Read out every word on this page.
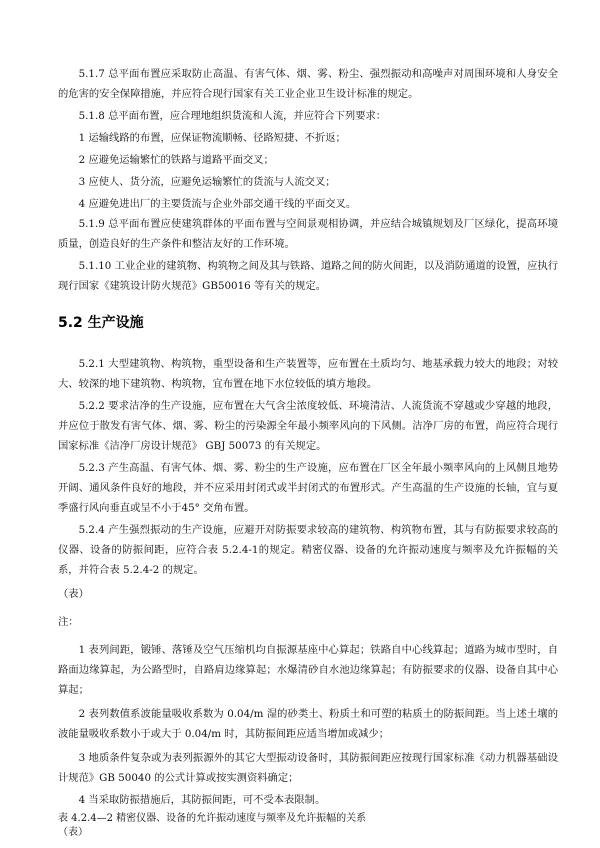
5.1.7 总平面布置应采取防止高温、有害气体、烟、雾、粉尘、强烈振动和高噪声对周围环境和人身安全的危害的安全保障措施，并应符合现行国家有关工业企业卫生设计标准的规定。

5.1.8 总平面布置，应合理地组织货流和人流，并应符合下列要求：

1 运输线路的布置，应保证物流顺畅、径路短捷、不折返；

2 应避免运输繁忙的铁路与道路平面交叉；

3 应使人、货分流，应避免运输繁忙的货流与人流交叉；

4 应避免进出厂的主要货流与企业外部交通干线的平面交叉。

5.1.9 总平面布置应使建筑群体的平面布置与空间景观相协调，并应结合城镇规划及厂区绿化，提高环境质量，创造良好的生产条件和整洁友好的工作环境。

5.1.10 工业企业的建筑物、构筑物之间及其与铁路、道路之间的防火间距，以及消防通道的设置，应执行现行国家《建筑设计防火规范》GB50016 等有关的规定。

5.2 生产设施

5.2.1 大型建筑物、构筑物，重型设备和生产装置等，应布置在土质均匀、地基承载力较大的地段；对较大、较深的地下建筑物、构筑物，宜布置在地下水位较低的填方地段。

5.2.2 要求洁净的生产设施，应布置在大气含尘浓度较低、环境清洁、人流货流不穿越或少穿越的地段，并应位于散发有害气体、烟、雾、粉尘的污染源全年最小频率风向的下风侧。洁净厂房的布置，尚应符合现行国家标准《洁净厂房设计规范》 GBJ 50073 的有关规定。

5.2.3 产生高温、有害气体、烟、雾、粉尘的生产设施，应布置在厂区全年最小频率风向的上风侧且地势开阔、通风条件良好的地段，并不应采用封闭式或半封闭式的布置形式。产生高温的生产设施的长轴，宜与夏季盛行风向垂直或呈不小于45° 交角布置。

5.2.4 产生强烈振动的生产设施，应避开对防振要求较高的建筑物、构筑物布置，其与有防振要求较高的仪器、设备的防振间距，应符合表 5.2.4-1的规定。精密仪器、设备的允许振动速度与频率及允许振幅的关系，并符合表 5.2.4-2 的规定。

（表）

注：

1 表列间距，锻锤、落锤及空气压缩机均自振源基座中心算起；铁路自中心线算起；道路为城市型时，自路面边缘算起，为公路型时，自路肩边缘算起；水爆清砂自水池边缘算起；有防振要求的仪器、设备自其中心算起；

2 表列数值系波能量吸收系数为 0.04/m 湿的砂类土、粉质土和可塑的粘质土的防振间距。当上述土壤的波能量吸收系数小于或大于 0.04/m 时，其防振间距应适当增加或减少；

3 地质条件复杂或为表列振源外的其它大型振动设备时，其防振间距应按现行国家标准《动力机器基础设计规范》GB 50040 的公式计算或按实测资料确定；

4 当采取防振措施后，其防振间距，可不受本表限制。

表 4.2.4—2 精密仪器、设备的允许振动速度与频率及允许振幅的关系

（表）
